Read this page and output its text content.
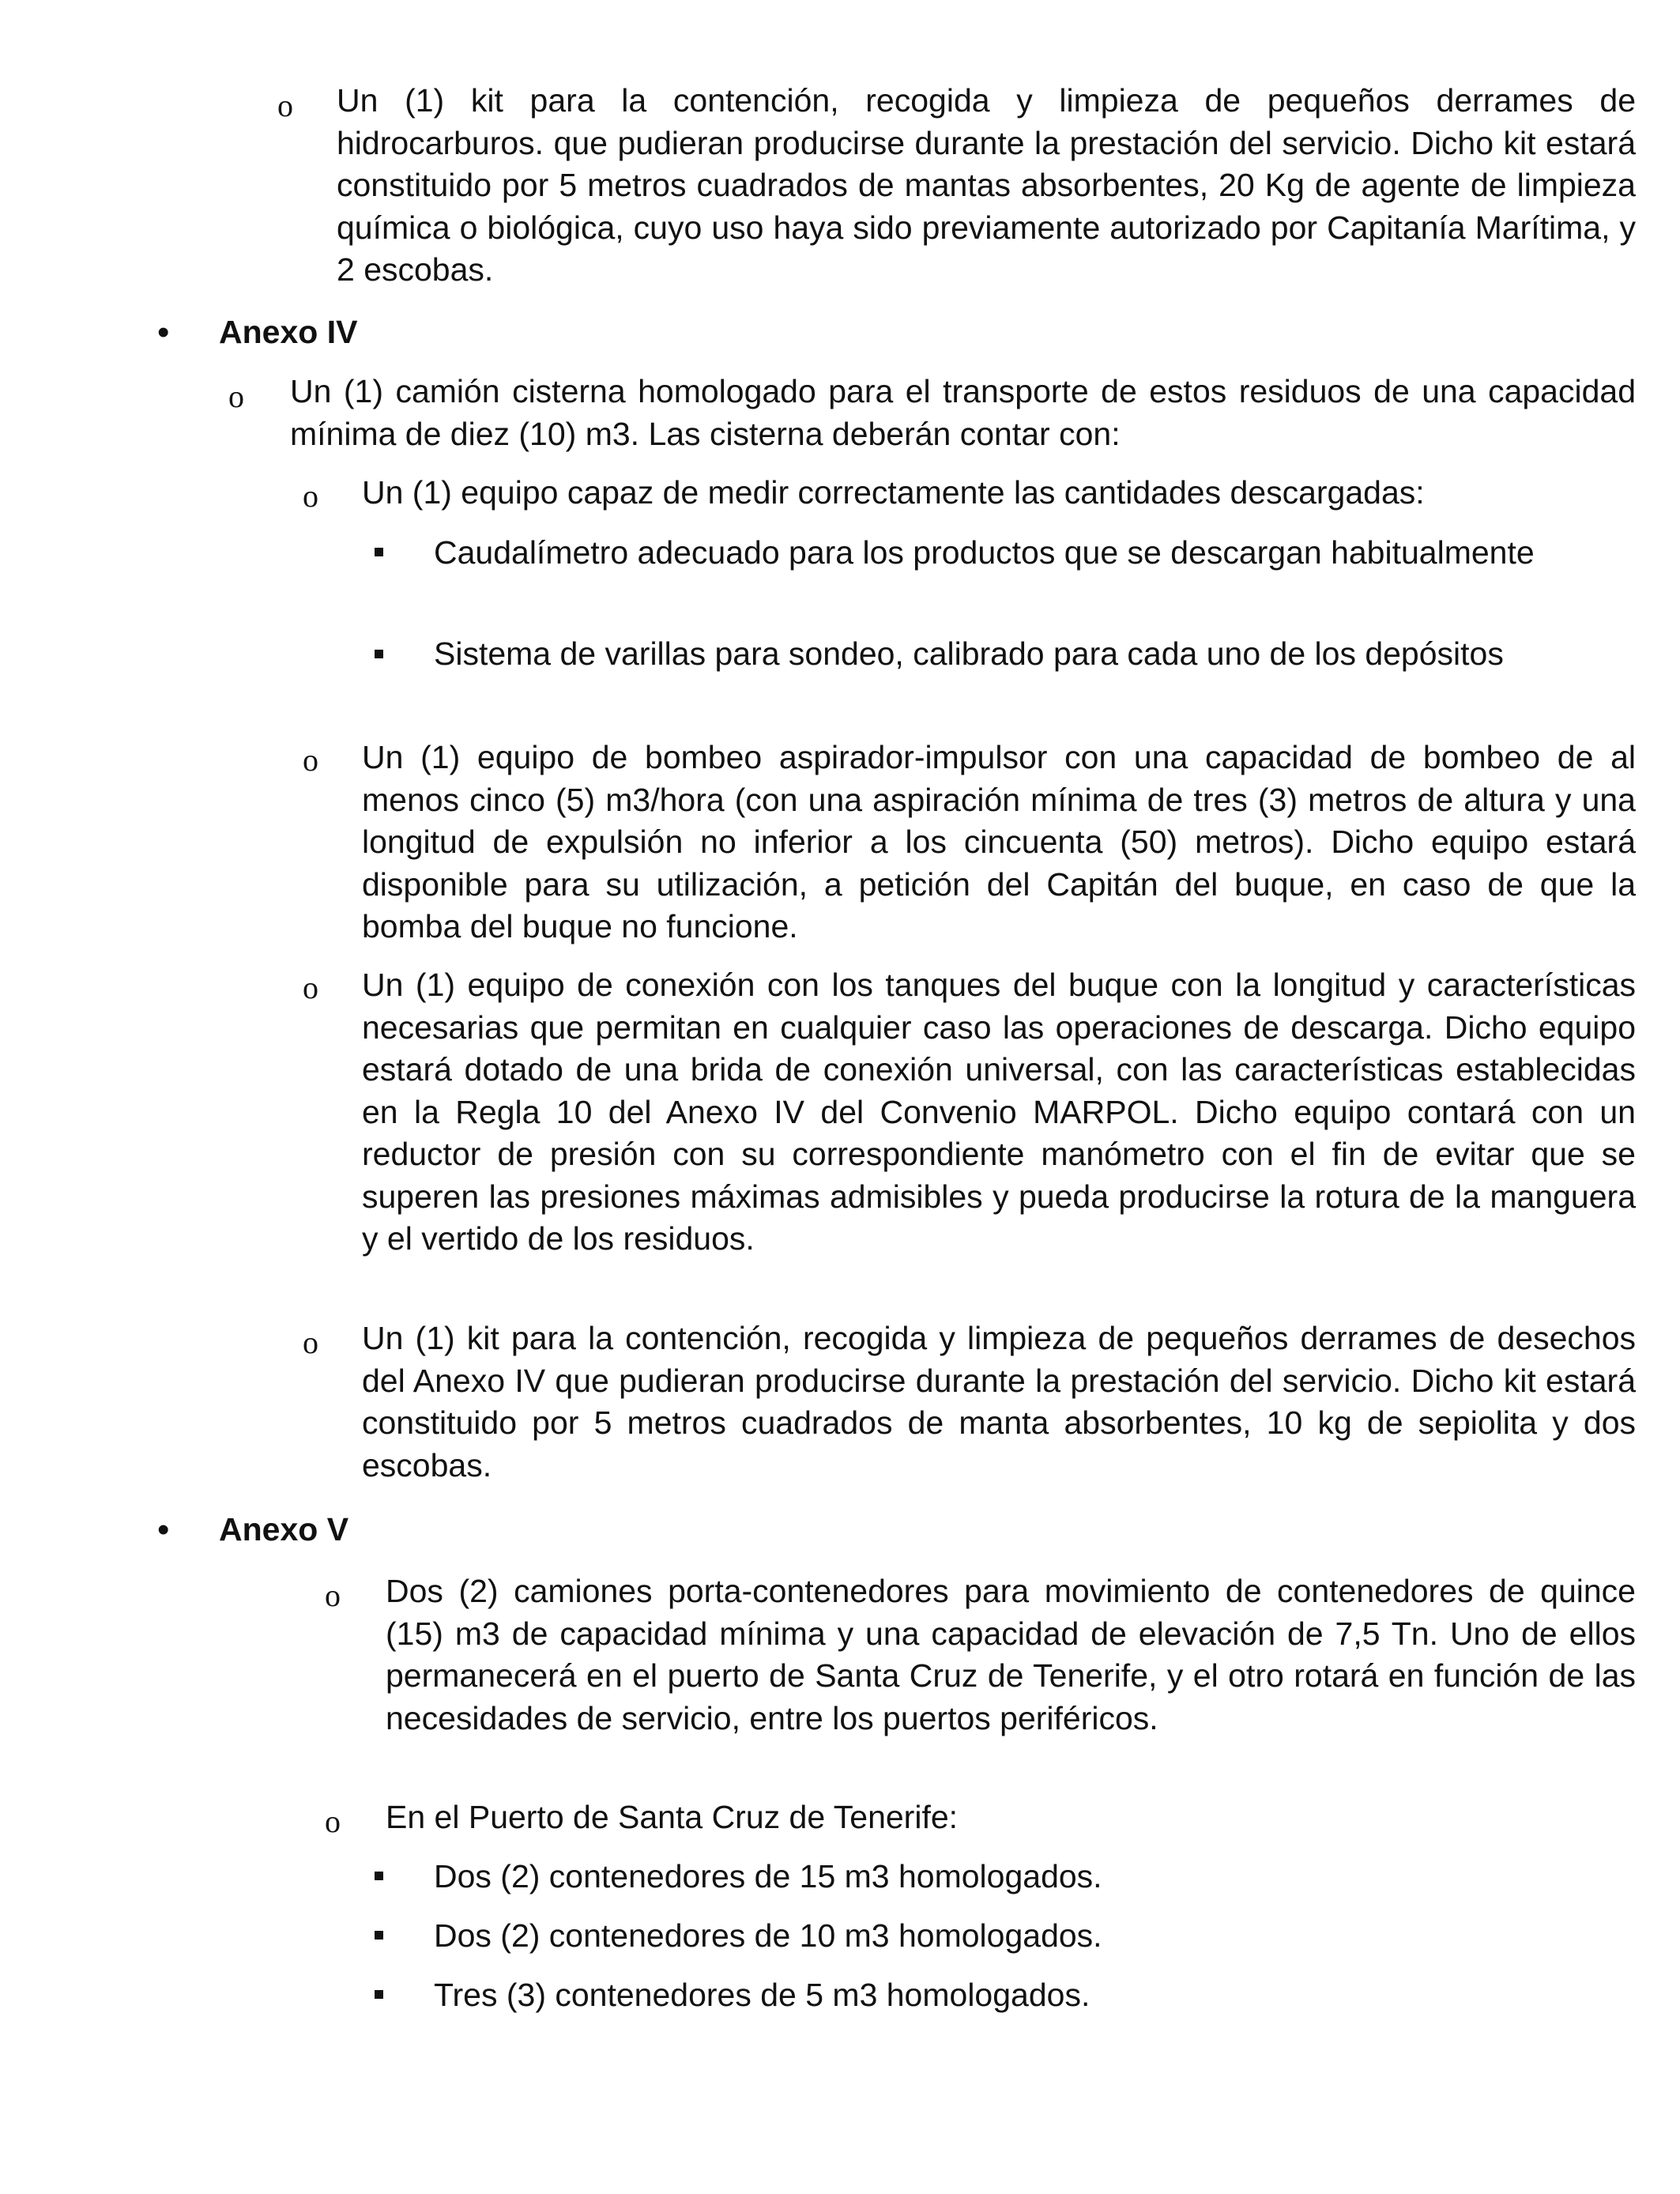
o Un (1) kit para la contención, recogida y limpieza de pequeños derrames de hidrocarburos. que pudieran producirse durante la prestación del servicio. Dicho kit estará constituido por 5 metros cuadrados de mantas absorbentes, 20 Kg de agente de limpieza química o biológica, cuyo uso haya sido previamente autorizado por Capitanía Marítima, y 2 escobas.

• Anexo IV
o Un (1) camión cisterna homologado para el transporte de estos residuos de una capacidad mínima de diez (10) m3. Las cisterna deberán contar con:

o Un (1) equipo capaz de medir correctamente las cantidades descargadas:

Caudalímetro adecuado para los productos que se descargan habitualmente

Sistema de varillas para sondeo, calibrado para cada uno de los depósitos

o Un (1) equipo de bombeo aspirador-impulsor con una capacidad de bombeo de al menos cinco (5) m3/hora (con una aspiración mínima de tres (3) metros de altura y una longitud de expulsión no inferior a los cincuenta (50) metros). Dicho equipo estará disponible para su utilización, a petición del Capitán del buque, en caso de que la bomba del buque no funcione.

o Un (1) equipo de conexión con los tanques del buque con la longitud y características necesarias que permitan en cualquier caso las operaciones de descarga. Dicho equipo estará dotado de una brida de conexión universal, con las características establecidas en la Regla 10 del Anexo IV del Convenio MARPOL. Dicho equipo contará con un reductor de presión con su correspondiente manómetro con el fin de evitar que se superen las presiones máximas admisibles y pueda producirse la rotura de la manguera y el vertido de los residuos.

o Un (1) kit para la contención, recogida y limpieza de pequeños derrames de desechos del Anexo IV que pudieran producirse durante la prestación del servicio. Dicho kit estará constituido por 5 metros cuadrados de manta absorbentes, 10 kg de sepiolita y dos escobas.

• Anexo V
o Dos (2) camiones porta-contenedores para movimiento de contenedores de quince (15) m3 de capacidad mínima y una capacidad de elevación de 7,5 Tn. Uno de ellos permanecerá en el puerto de Santa Cruz de Tenerife, y el otro rotará en función de las necesidades de servicio, entre los puertos periféricos.

o En el Puerto de Santa Cruz de Tenerife:

Dos (2) contenedores de 15 m3 homologados.

Dos (2) contenedores de 10 m3 homologados.

Tres (3) contenedores de 5 m3 homologados.
